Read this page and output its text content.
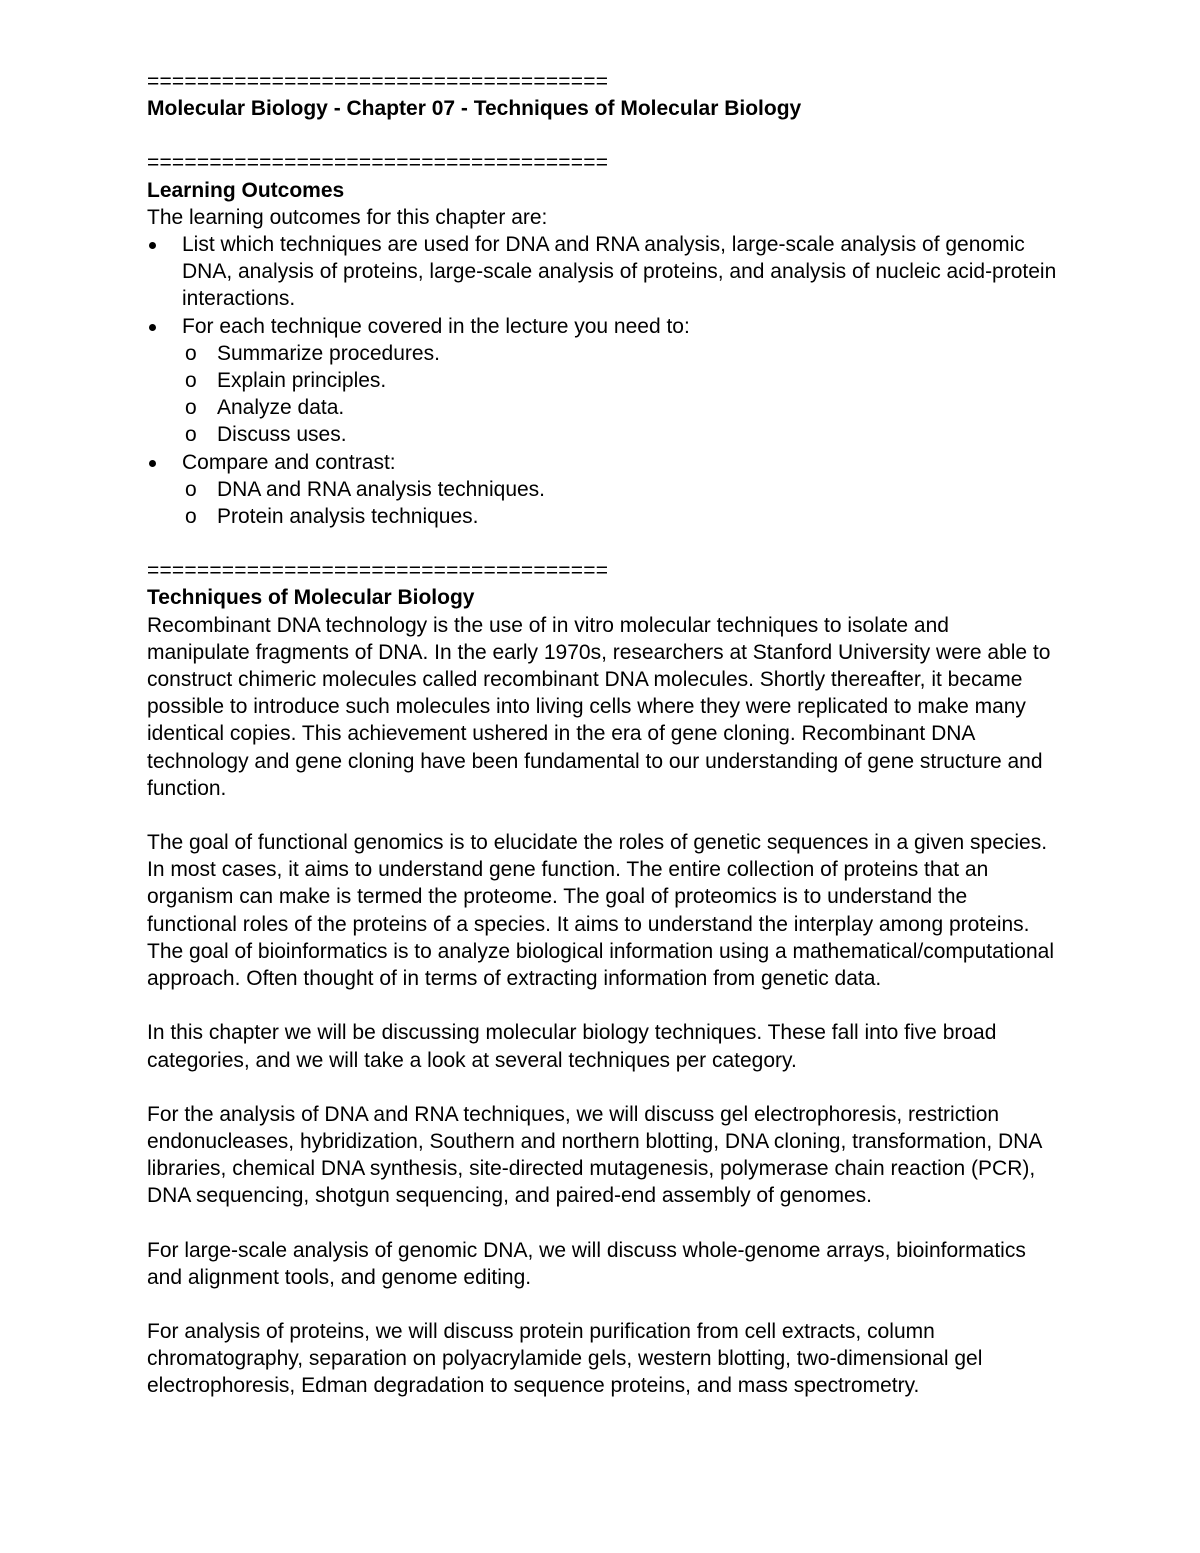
=====================================
Molecular Biology - Chapter 07 - Techniques of Molecular Biology
=====================================
Learning Outcomes

The learning outcomes for this chapter are:

List which techniques are used for DNA and RNA analysis, large-scale analysis of genomic DNA, analysis of proteins, large-scale analysis of proteins, and analysis of nucleic acid-protein interactions.
For each technique covered in the lecture you need to:
o Summarize procedures.
o Explain principles.
o Analyze data.
o Discuss uses.
Compare and contrast:
o DNA and RNA analysis techniques.
o Protein analysis techniques.
=====================================
Techniques of Molecular Biology

Recombinant DNA technology is the use of in vitro molecular techniques to isolate and manipulate fragments of DNA. In the early 1970s, researchers at Stanford University were able to construct chimeric molecules called recombinant DNA molecules. Shortly thereafter, it became possible to introduce such molecules into living cells where they were replicated to make many identical copies. This achievement ushered in the era of gene cloning. Recombinant DNA technology and gene cloning have been fundamental to our understanding of gene structure and function.

The goal of functional genomics is to elucidate the roles of genetic sequences in a given species. In most cases, it aims to understand gene function. The entire collection of proteins that an organism can make is termed the proteome. The goal of proteomics is to understand the functional roles of the proteins of a species. It aims to understand the interplay among proteins. The goal of bioinformatics is to analyze biological information using a mathematical/computational approach. Often thought of in terms of extracting information from genetic data.

In this chapter we will be discussing molecular biology techniques. These fall into five broad categories, and we will take a look at several techniques per category.

For the analysis of DNA and RNA techniques, we will discuss gel electrophoresis, restriction endonucleases, hybridization, Southern and northern blotting, DNA cloning, transformation, DNA libraries, chemical DNA synthesis, site-directed mutagenesis, polymerase chain reaction (PCR), DNA sequencing, shotgun sequencing, and paired-end assembly of genomes.

For large-scale analysis of genomic DNA, we will discuss whole-genome arrays, bioinformatics and alignment tools, and genome editing.

For analysis of proteins, we will discuss protein purification from cell extracts, column chromatography, separation on polyacrylamide gels, western blotting, two-dimensional gel electrophoresis, Edman degradation to sequence proteins, and mass spectrometry.
